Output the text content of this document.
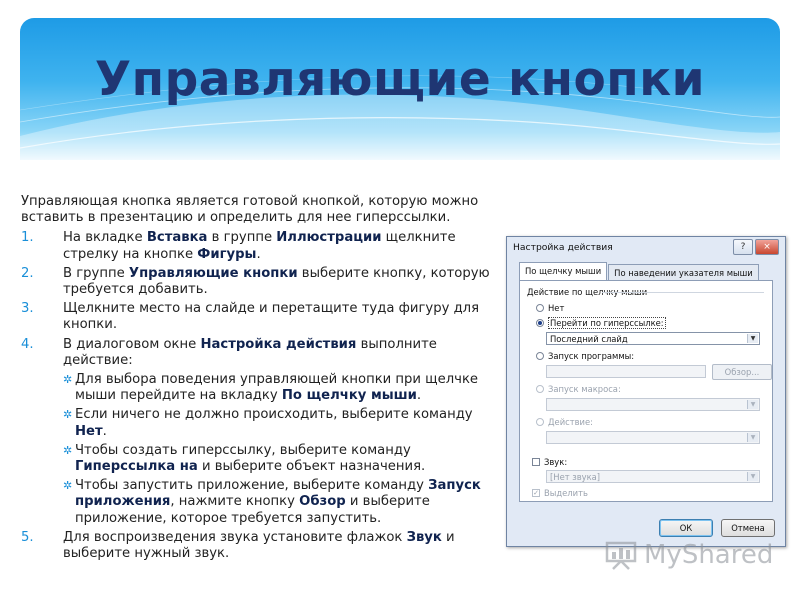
Управляющие кнопки

Управляющая кнопка является готовой кнопкой, которую можно вставить в презентацию и определить для нее гиперссылки.

1. На вкладке Вставка в группе Иллюстрации щелкните стрелку на кнопке Фигуры.
2. В группе Управляющие кнопки выберите кнопку, которую требуется добавить.
3. Щелкните место на слайде и перетащите туда фигуру для кнопки.
4. В диалоговом окне Настройка действия выполните действие:
✲ Для выбора поведения управляющей кнопки при щелчке мыши перейдите на вкладку По щелчку мыши.
✲ Если ничего не должно происходить, выберите команду Нет.
✲ Чтобы создать гиперссылку, выберите команду Гиперссылка на и выберите объект назначения.
✲ Чтобы запустить приложение, выберите команду Запуск приложения, нажмите кнопку Обзор и выберите приложение, которое требуется запустить.
5. Для воспроизведения звука установите флажок Звук и выберите нужный звук.
Настройка действия	?	×
По щелчку мыши	По наведении указателя мыши
Действие по щелчку мыши
Нет
Перейти по гиперссылке:
Последний слайд	▼
Запуск программы:
Обзор...
Запуск макроса:
▼
Действие:
▼
Звук:
[Нет звука]	▼
✓ Выделить
ОК	Отмена
MyShared
